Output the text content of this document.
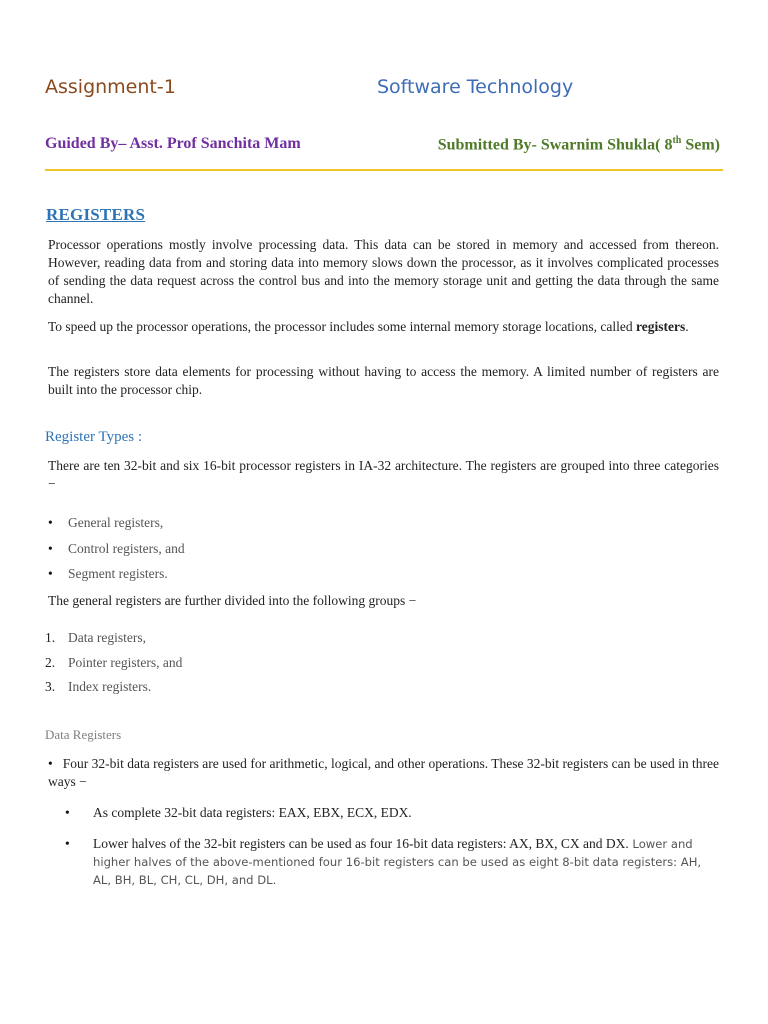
Assignment-1	Software Technology
Guided By– Asst. Prof Sanchita Mam	Submitted By- Swarnim Shukla( 8th Sem)
REGISTERS
Processor operations mostly involve processing data. This data can be stored in memory and accessed from thereon. However, reading data from and storing data into memory slows down the processor, as it involves complicated processes of sending the data request across the control bus and into the memory storage unit and getting the data through the same channel.
To speed up the processor operations, the processor includes some internal memory storage locations, called registers.
The registers store data elements for processing without having to access the memory. A limited number of registers are built into the processor chip.
Register Types :
There are ten 32-bit and six 16-bit processor registers in IA-32 architecture. The registers are grouped into three categories −
• General registers,
• Control registers, and
• Segment registers.
The general registers are further divided into the following groups −
1. Data registers,
2. Pointer registers, and
3. Index registers.
Data Registers
• Four 32-bit data registers are used for arithmetic, logical, and other operations. These 32-bit registers can be used in three ways −
• As complete 32-bit data registers: EAX, EBX, ECX, EDX.
• Lower halves of the 32-bit registers can be used as four 16-bit data registers: AX, BX, CX and DX. Lower and higher halves of the above-mentioned four 16-bit registers can be used as eight 8-bit data registers: AH, AL, BH, BL, CH, CL, DH, and DL.
